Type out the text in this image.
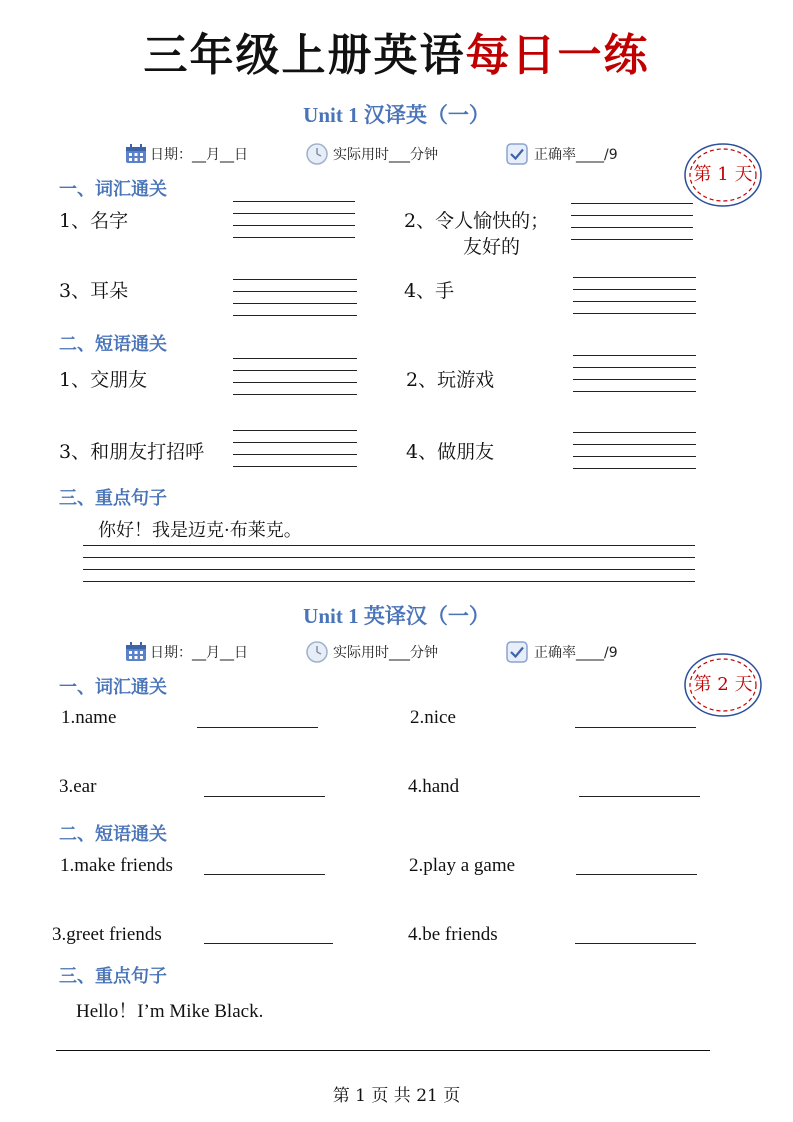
三年级上册英语每日一练
Unit 1 汉译英（一）
日期：__月__日	实际用时___分钟	正确率____/9
第 1 天
一、词汇通关
1、名字	2、令人愉快的；
友好的
3、耳朵	4、手
二、短语通关
1、交朋友	2、玩游戏
3、和朋友打招呼	4、做朋友
三、重点句子
你好！我是迈克·布莱克。
Unit 1 英译汉（一）
日期：__月__日	实际用时___分钟	正确率____/9
第 2 天
一、词汇通关
1.name	2.nice
3.ear	4.hand
二、短语通关
1.make friends	2.play a game
3.greet friends	4.be friends
三、重点句子
Hello！I’m Mike Black.
第 1 页 共 21 页
